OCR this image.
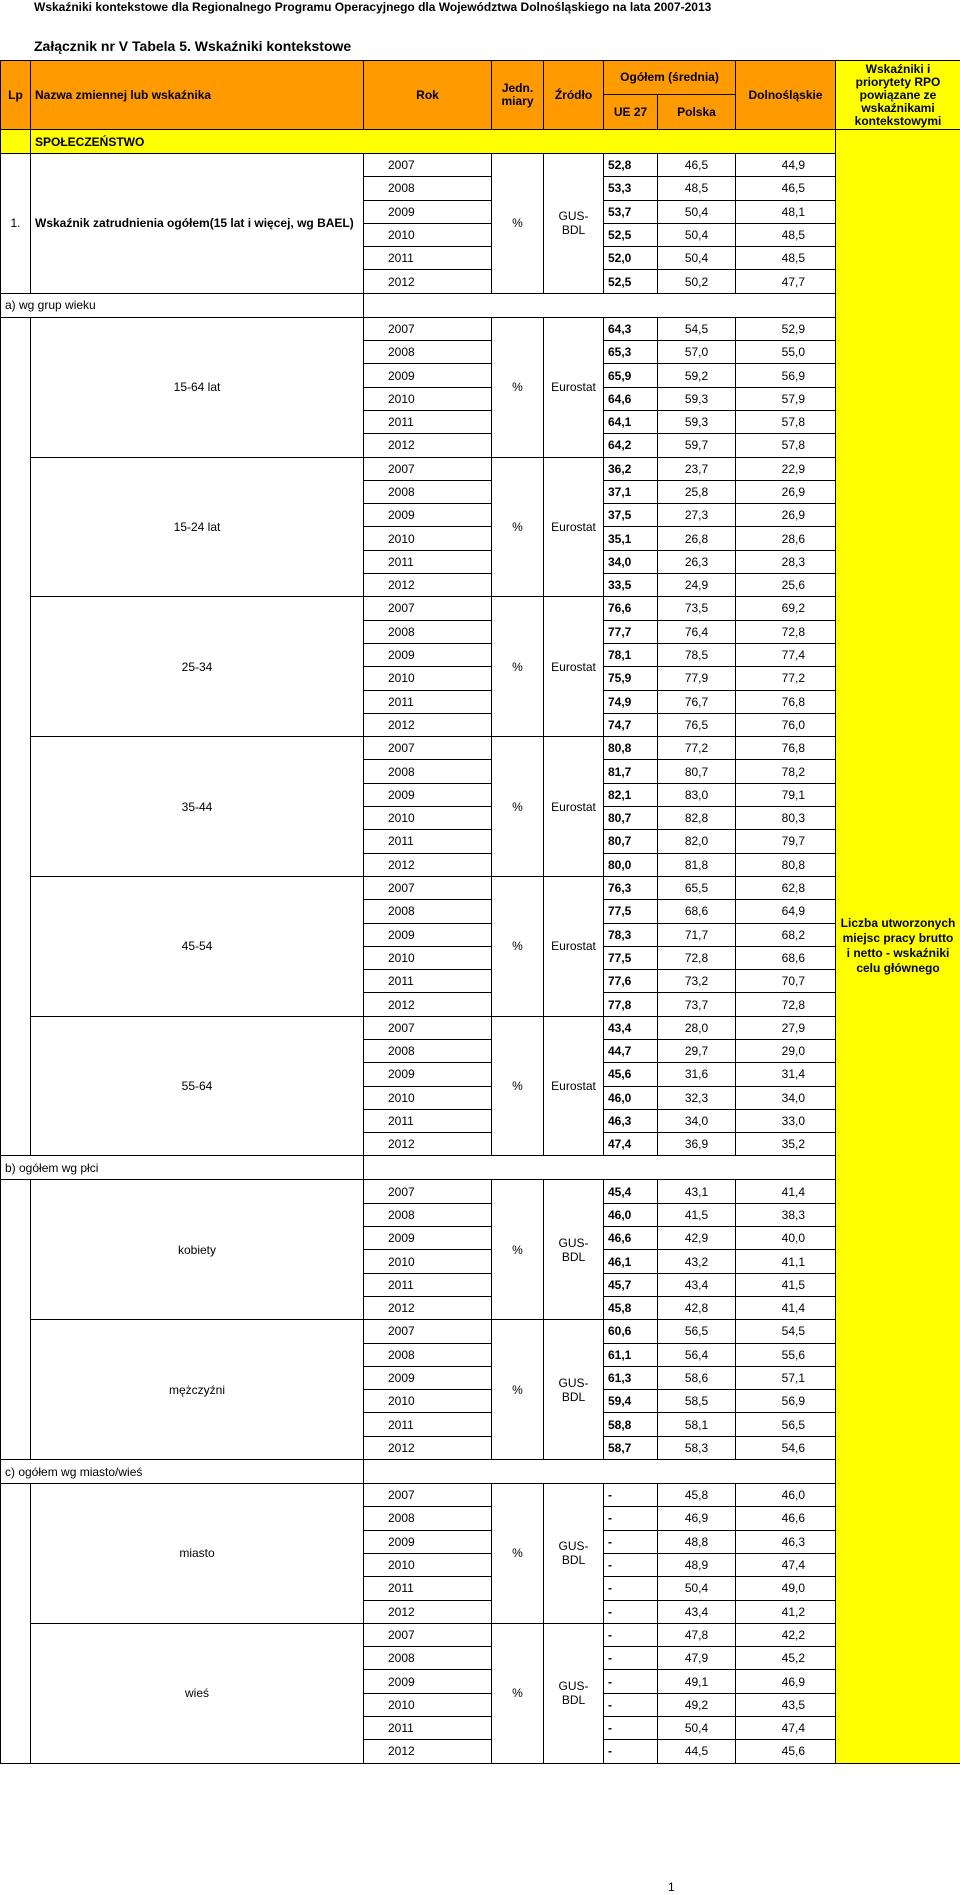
Wskaźniki kontekstowe dla Regionalnego Programu Operacyjnego dla Województwa Dolnośląskiego na lata 2007-2013
Załącznik nr V Tabela 5. Wskaźniki kontekstowe
Lp	Nazwa zmiennej lub wskaźnika	Rok	Jedn. miary	Źródło	Ogółem (średnia)		Dolnośląskie	Wskaźniki i priorytety RPO powiązane ze wskaźnikami kontekstowymi
					UE 27	Polska		
	SPOŁECZEŃSTWO							Liczba utworzonych miejsc pracy brutto i netto - wskaźniki celu głównego
1.	Wskaźnik zatrudnienia ogółem(15 lat i więcej, wg BAEL)	2007	%	GUS-BDL	52,8	46,5	44,9	
		2008			53,3	48,5	46,5	
		2009			53,7	50,4	48,1	
		2010			52,5	50,4	48,5	
		2011			52,0	50,4	48,5	
		2012			52,5	50,2	47,7	
a) wg grup wieku								
	15-64 lat	2007	%	Eurostat	64,3	54,5	52,9	
		2008			65,3	57,0	55,0	
		2009			65,9	59,2	56,9	
		2010			64,6	59,3	57,9	
		2011			64,1	59,3	57,8	
		2012			64,2	59,7	57,8	
	15-24 lat	2007	%	Eurostat	36,2	23,7	22,9	
		2008			37,1	25,8	26,9	
		2009			37,5	27,3	26,9	
		2010			35,1	26,8	28,6	
		2011			34,0	26,3	28,3	
		2012			33,5	24,9	25,6	
	25-34	2007	%	Eurostat	76,6	73,5	69,2	
		2008			77,7	76,4	72,8	
		2009			78,1	78,5	77,4	
		2010			75,9	77,9	77,2	
		2011			74,9	76,7	76,8	
		2012			74,7	76,5	76,0	
	35-44	2007	%	Eurostat	80,8	77,2	76,8	
		2008			81,7	80,7	78,2	
		2009			82,1	83,0	79,1	
		2010			80,7	82,8	80,3	
		2011			80,7	82,0	79,7	
		2012			80,0	81,8	80,8	
	45-54	2007	%	Eurostat	76,3	65,5	62,8	
		2008			77,5	68,6	64,9	
		2009			78,3	71,7	68,2	
		2010			77,5	72,8	68,6	
		2011			77,6	73,2	70,7	
		2012			77,8	73,7	72,8	
	55-64	2007	%	Eurostat	43,4	28,0	27,9	
		2008			44,7	29,7	29,0	
		2009			45,6	31,6	31,4	
		2010			46,0	32,3	34,0	
		2011			46,3	34,0	33,0	
		2012			47,4	36,9	35,2	
b) ogółem wg płci								
	kobiety	2007	%	GUS-BDL	45,4	43,1	41,4	
		2008			46,0	41,5	38,3	
		2009			46,6	42,9	40,0	
		2010			46,1	43,2	41,1	
		2011			45,7	43,4	41,5	
		2012			45,8	42,8	41,4	
	mężczyźni	2007	%	GUS-BDL	60,6	56,5	54,5	
		2008			61,1	56,4	55,6	
		2009			61,3	58,6	57,1	
		2010			59,4	58,5	56,9	
		2011			58,8	58,1	56,5	
		2012			58,7	58,3	54,6	
c) ogółem wg miasto/wieś								
	miasto	2007	%	GUS-BDL	-	45,8	46,0	
		2008			-	46,9	46,6	
		2009			-	48,8	46,3	
		2010			-	48,9	47,4	
		2011			-	50,4	49,0	
		2012			-	43,4	41,2	
	wieś	2007	%	GUS-BDL	-	47,8	42,2	
		2008			-	47,9	45,2	
		2009			-	49,1	46,9	
		2010			-	49,2	43,5	
		2011			-	50,4	47,4	
		2012			-	44,5	45,6	
1
